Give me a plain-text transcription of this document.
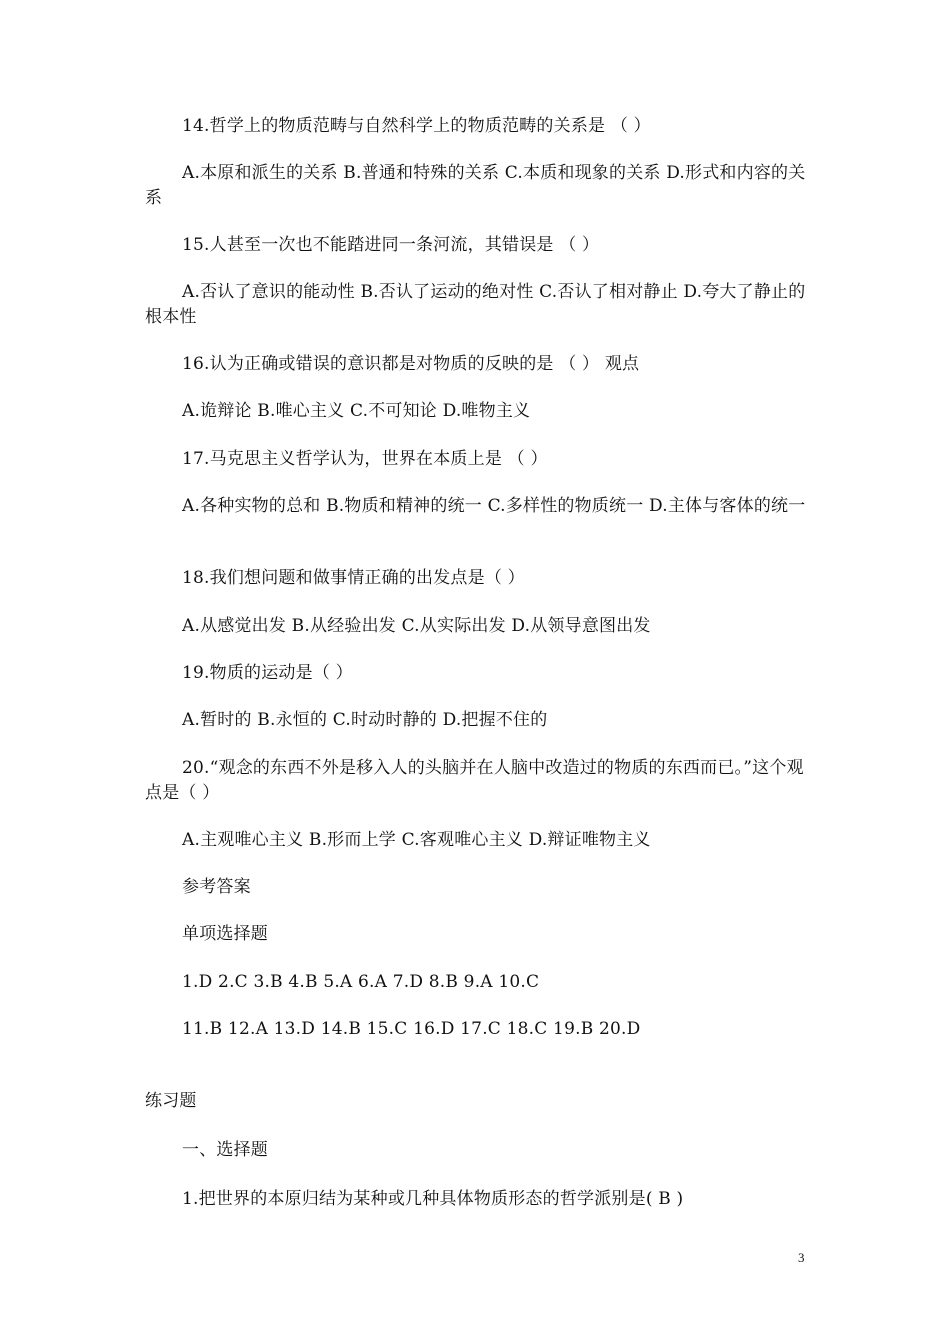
14.哲学上的物质范畴与自然科学上的物质范畴的关系是 （ ）
A.本原和派生的关系 B.普通和特殊的关系 C.本质和现象的关系 D.形式和内容的关系
15.人甚至一次也不能踏进同一条河流，其错误是 （ ）
A.否认了意识的能动性 B.否认了运动的绝对性 C.否认了相对静止 D.夸大了静止的根本性
16.认为正确或错误的意识都是对物质的反映的是 （ ） 观点
A.诡辩论 B.唯心主义 C.不可知论 D.唯物主义
17.马克思主义哲学认为，世界在本质上是 （ ）
A.各种实物的总和 B.物质和精神的统一 C.多样性的物质统一 D.主体与客体的统一
18.我们想问题和做事情正确的出发点是（ ）
A.从感觉出发 B.从经验出发 C.从实际出发 D.从领导意图出发
19.物质的运动是（ ）
A.暂时的 B.永恒的 C.时动时静的 D.把握不住的
20.“观念的东西不外是移入人的头脑并在人脑中改造过的物质的东西而已。”这个观点是（ ）
A.主观唯心主义 B.形而上学 C.客观唯心主义 D.辩证唯物主义
参考答案
单项选择题
1.D 2.C 3.B 4.B 5.A 6.A 7.D 8.B 9.A 10.C
11.B 12.A 13.D 14.B 15.C 16.D 17.C 18.C 19.B 20.D
练习题
一、选择题
1.把世界的本原归结为某种或几种具体物质形态的哲学派别是( B )
3
